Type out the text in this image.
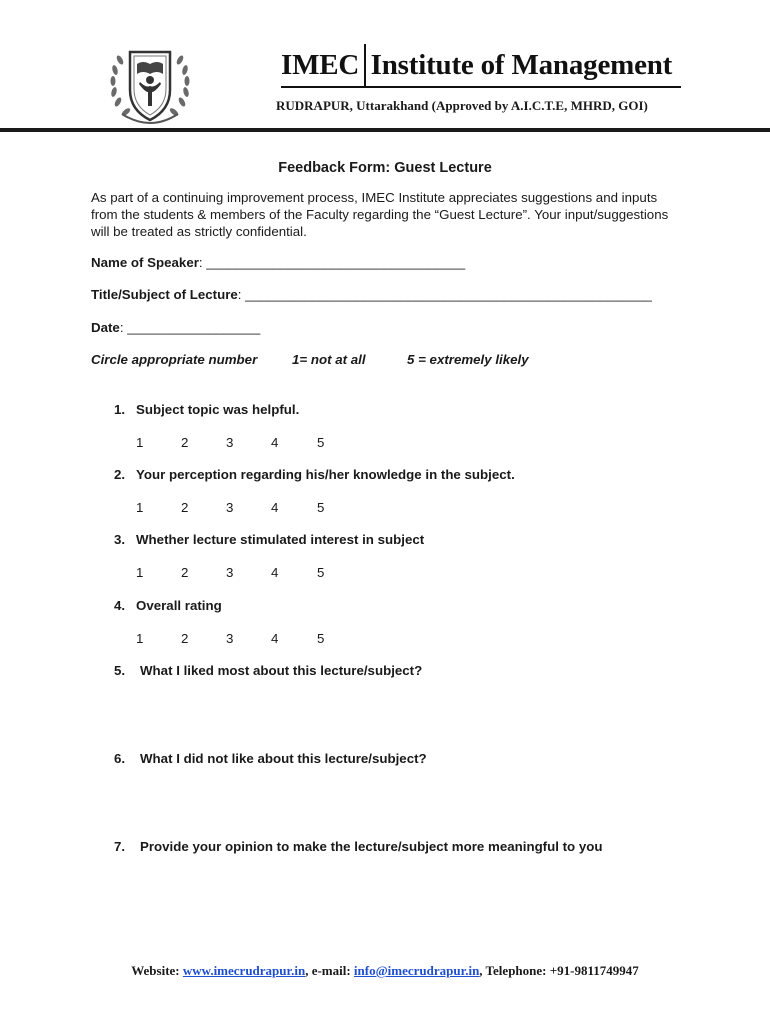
IMEC Institute of Management
RUDRAPUR, Uttarakhand (Approved by A.I.C.T.E, MHRD, GOI)
Feedback Form: Guest Lecture
As part of a continuing improvement process, IMEC Institute appreciates suggestions and inputs from the students & members of the Faculty regarding the “Guest Lecture”. Your input/suggestions will be treated as strictly confidential.
Name of Speaker: ___________________________________
Title/Subject of Lecture: _______________________________________________________
Date: __________________
Circle appropriate number	1= not at all	5 = extremely likely
1. Subject topic was helpful.
1	2	3	4	5
2. Your perception regarding his/her knowledge in the subject.
1	2	3	4	5
3. Whether lecture stimulated interest in subject
1	2	3	4	5
4. Overall rating
1	2	3	4	5
5. What I liked most about this lecture/subject?
6. What I did not like about this lecture/subject?
7. Provide your opinion to make the lecture/subject more meaningful to you
Website: www.imecrudrapur.in, e-mail: info@imecrudrapur.in, Telephone: +91-9811749947
